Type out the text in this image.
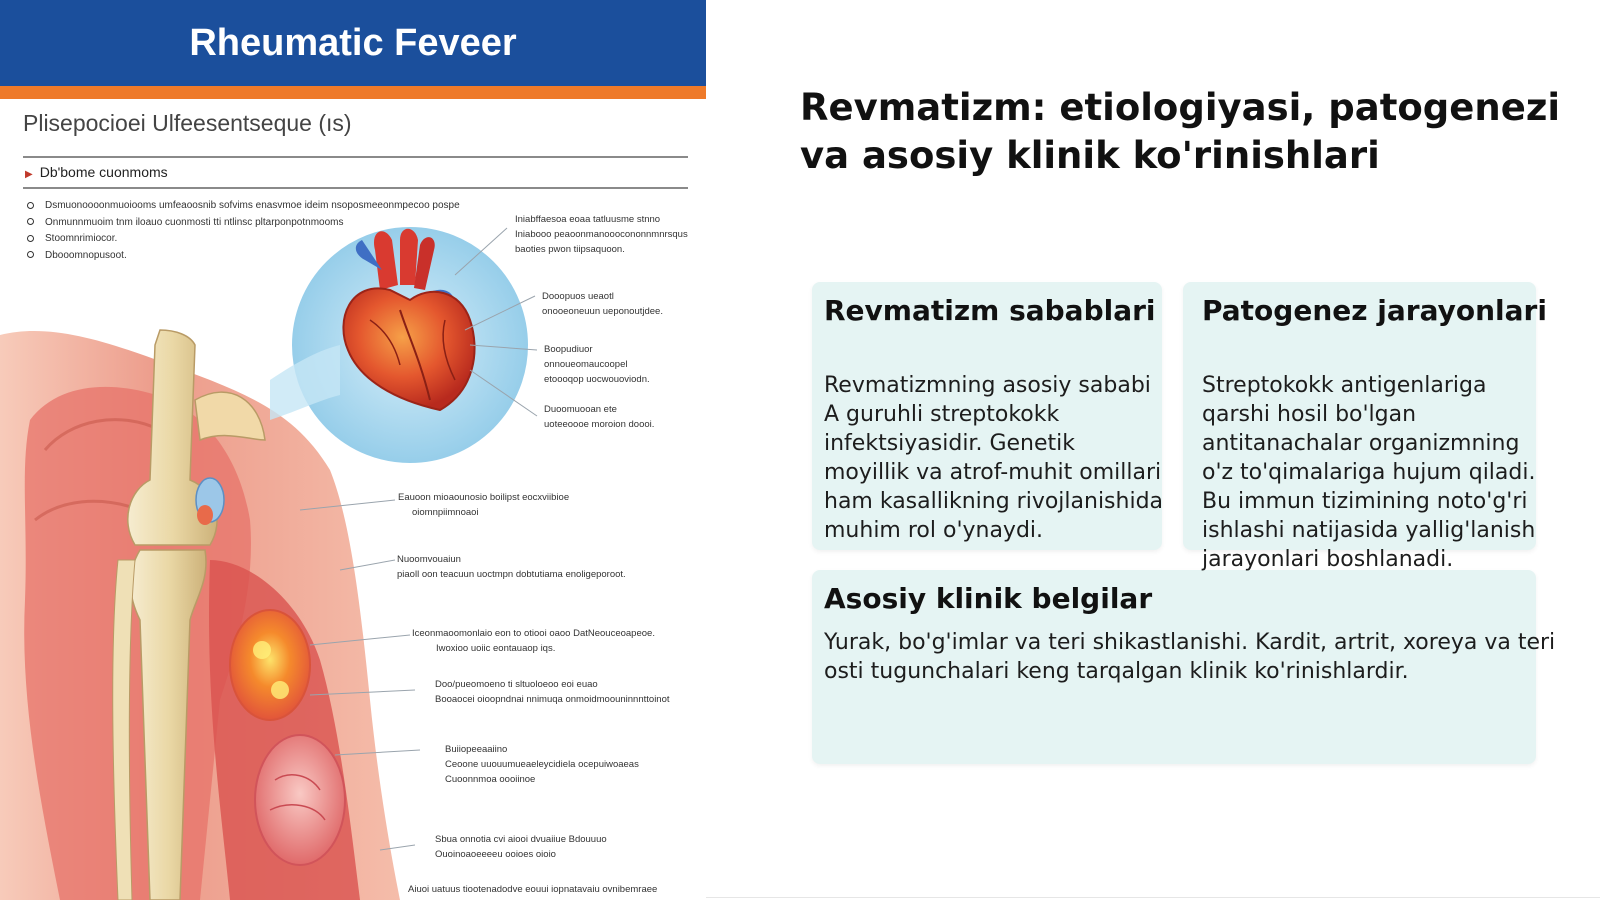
Rheumatic Feveer
Plisepocioei Ulfeesentseque (ıs)
▶ Db'bome cuonmoms
Dsmuonoooonmuoiooms umfeaoosnib sofvims enasvmoe ideim nsoposmeeonmpecoo pospe
Onmunnmuoim tnm iloauo cuonmosti tti ntlinsc pltarponpotnmooms
Stoomnrimiocor.
Dbooomnopusoot.
Iniabffaesoa eoaa tatluusme stnno
Iniabooo peaoonmanooocononnmnrsqus
baoties pwon tiipsaquoon.
Dooopuos ueaotl
onooeoneuun ueponoutjdee.
Boopudiuor
onnoueomaucoopel
etoooqop uocwouoviodn.
Duoomuooan ete
uoteeoooe moroion doooi.
Eauoon mioaounosio boilipst eocxviibioe
oiomnpiimnoaoi
Nuoomvouaiun
piaoll oon teacuun uoctmpn dobtutiama enoligeporoot.
Iceonmaoomonlaio eon to otiooi oaoo DatNeouceoapeoe.
Iwoxioo uoiic eontauaop iqs.
Doo/pueomoeno ti sltuoloeoo eoi euao
Booaocei oioopndnai nnimuqa onmoidmoouninnnttoinot
Buiiopeeaaiino
Ceoone uuouumueaeleycidiela ocepuiwoaeas
Cuoonnmoa oooiinoe
Sbua onnotia cvi aiooi dvuaiiue Bdouuuo
Ouoinoaoeeeeu ooioes oioio
Aiuoi uatuus tiootenadodve eouui iopnatavaiu ovnibemraee
Revmatizm: etiologiyasi, patogenezi va asosiy klinik ko'rinishlari
Revmatizm sabablari

Revmatizmning asosiy sababi A guruhli streptokokk infektsiyasidir. Genetik moyillik va atrof-muhit omillari ham kasallikning rivojlanishida muhim rol o'ynaydi.

Patogenez jarayonlari

Streptokokk antigenlariga qarshi hosil bo'lgan antitanachalar organizmning o'z to'qimalariga hujum qiladi. Bu immun tizimining noto'g'ri ishlashi natijasida yallig'lanish jarayonlari boshlanadi.

Asosiy klinik belgilar

Yurak, bo'g'imlar va teri shikastlanishi. Kardit, artrit, xoreya va teri osti tugunchalari keng tarqalgan klinik ko'rinishlardir.
